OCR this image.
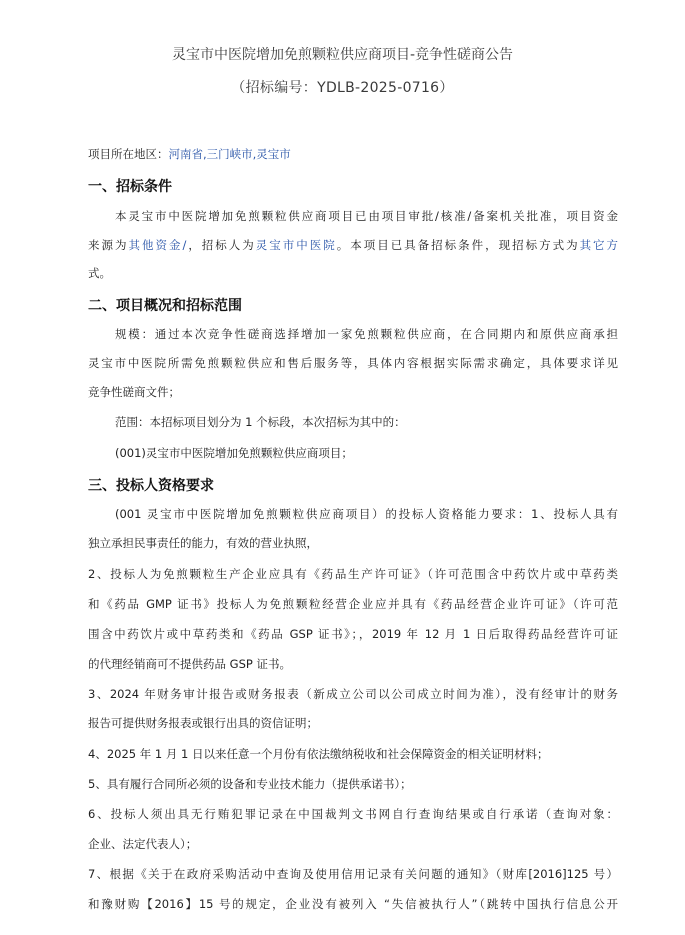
灵宝市中医院增加免煎颗粒供应商项目-竞争性磋商公告
（招标编号：YDLB-2025-0716）
项目所在地区：河南省,三门峡市,灵宝市
一、招标条件
本灵宝市中医院增加免煎颗粒供应商项目已由项目审批/核准/备案机关批准，项目资金
来源为其他资金/，招标人为灵宝市中医院。本项目已具备招标条件，现招标方式为其它方
式。
二、项目概况和招标范围
规模：通过本次竞争性磋商选择增加一家免煎颗粒供应商，在合同期内和原供应商承担
灵宝市中医院所需免煎颗粒供应和售后服务等，具体内容根据实际需求确定，具体要求详见
竞争性磋商文件；
范围：本招标项目划分为 1 个标段，本次招标为其中的：
(001)灵宝市中医院增加免煎颗粒供应商项目；
三、投标人资格要求
(001 灵宝市中医院增加免煎颗粒供应商项目）的投标人资格能力要求：1、投标人具有
独立承担民事责任的能力，有效的营业执照，
2、投标人为免煎颗粒生产企业应具有《药品生产许可证》（许可范围含中药饮片或中草药类
和《药品 GMP 证书》投标人为免煎颗粒经营企业应并具有《药品经营企业许可证》（许可范
围含中药饮片或中草药类和《药品 GSP 证书》；，2019 年 12 月 1 日后取得药品经营许可证
的代理经销商可不提供药品 GSP 证书。
3、2024 年财务审计报告或财务报表（新成立公司以公司成立时间为准），没有经审计的财务
报告可提供财务报表或银行出具的资信证明；
4、2025 年 1 月 1 日以来任意一个月份有依法缴纳税收和社会保障资金的相关证明材料；
5、具有履行合同所必须的设备和专业技术能力（提供承诺书）；
6、投标人须出具无行贿犯罪记录在中国裁判文书网自行查询结果或自行承诺（查询对象：
企业、法定代表人）；
7、根据《关于在政府采购活动中查询及使用信用记录有关问题的通知》（财库[2016]125 号）
和豫财购【2016】15 号的规定，企业没有被列入 “失信被执行人”（跳转中国执行信息公开
